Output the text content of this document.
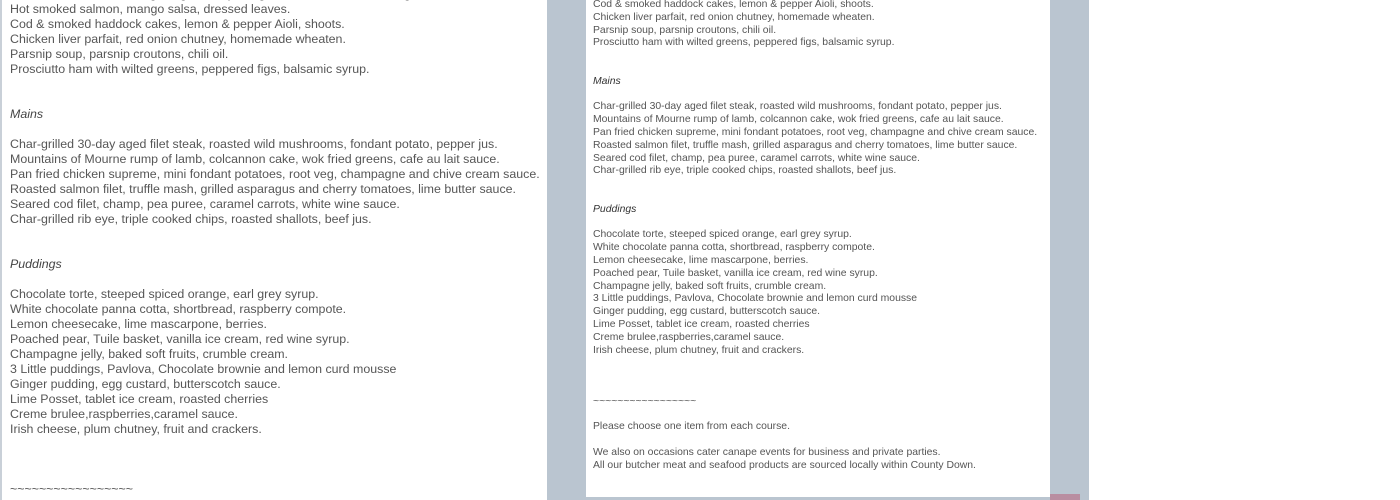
Hot smoked salmon, mango salsa, dressed leaves.
Cod & smoked haddock cakes, lemon & pepper Aioli, shoots.
Chicken liver parfait, red onion chutney, homemade wheaten.
Parsnip soup, parsnip croutons, chili oil.
Prosciutto ham with wilted greens, peppered figs, balsamic syrup.
Mains
Char-grilled 30-day aged filet steak, roasted wild mushrooms, fondant potato, pepper jus.
Mountains of Mourne rump of lamb, colcannon cake, wok fried greens, cafe au lait sauce.
Pan fried chicken supreme, mini fondant potatoes, root veg, champagne and chive cream sauce.
Roasted salmon filet, truffle mash, grilled asparagus and cherry tomatoes, lime butter sauce.
Seared cod filet, champ, pea puree, caramel carrots, white wine sauce.
Char-grilled rib eye, triple cooked chips, roasted shallots, beef jus.
Puddings
Chocolate torte, steeped spiced orange, earl grey syrup.
White chocolate panna cotta, shortbread, raspberry compote.
Lemon cheesecake, lime mascarpone, berries.
Poached pear, Tuile basket, vanilla ice cream, red wine syrup.
Champagne jelly, baked soft fruits, crumble cream.
3 Little puddings, Pavlova, Chocolate brownie and lemon curd mousse
Ginger pudding, egg custard, butterscotch sauce.
Lime Posset, tablet ice cream, roasted cherries
Creme brulee,raspberries,caramel sauce.
Irish cheese, plum chutney, fruit and crackers.
~~~~~~~~~~~~~~~~~
Cod & smoked haddock cakes, lemon & pepper Aioli, shoots.
Chicken liver parfait, red onion chutney, homemade wheaten.
Parsnip soup, parsnip croutons, chili oil.
Prosciutto ham with wilted greens, peppered figs, balsamic syrup.
Mains
Char-grilled 30-day aged filet steak, roasted wild mushrooms, fondant potato, pepper jus.
Mountains of Mourne rump of lamb, colcannon cake, wok fried greens, cafe au lait sauce.
Pan fried chicken supreme, mini fondant potatoes, root veg, champagne and chive cream sauce.
Roasted salmon filet, truffle mash, grilled asparagus and cherry tomatoes, lime butter sauce.
Seared cod filet, champ, pea puree, caramel carrots, white wine sauce.
Char-grilled rib eye, triple cooked chips, roasted shallots, beef jus.
Puddings
Chocolate torte, steeped spiced orange, earl grey syrup.
White chocolate panna cotta, shortbread, raspberry compote.
Lemon cheesecake, lime mascarpone, berries.
Poached pear, Tuile basket, vanilla ice cream, red wine syrup.
Champagne jelly, baked soft fruits, crumble cream.
3 Little puddings, Pavlova, Chocolate brownie and lemon curd mousse
Ginger pudding, egg custard, butterscotch sauce.
Lime Posset, tablet ice cream, roasted cherries
Creme brulee,raspberries,caramel sauce.
Irish cheese, plum chutney, fruit and crackers.
~~~~~~~~~~~~~~~~~
Please choose one item from each course.
We also on occasions cater canape events for business and private parties.
All our butcher meat and seafood products are sourced locally within County Down.
